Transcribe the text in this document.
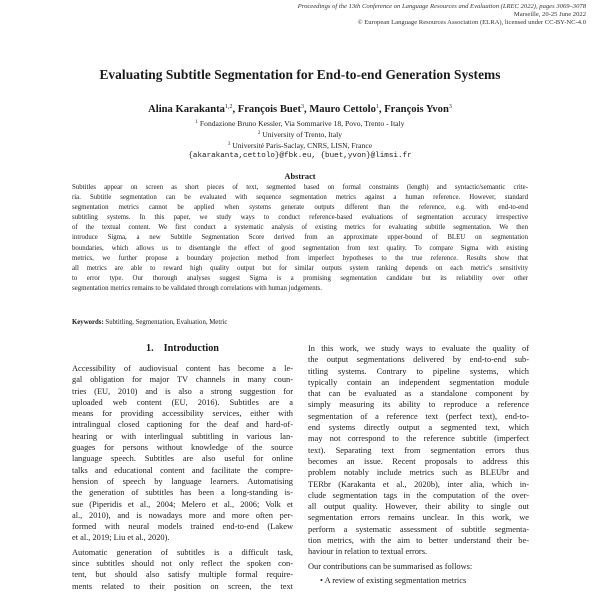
Proceedings of the 13th Conference on Language Resources and Evaluation (LREC 2022), pages 3069–3078
Marseille, 20-25 June 2022
© European Language Resources Association (ELRA), licensed under CC-BY-NC-4.0
Evaluating Subtitle Segmentation for End-to-end Generation Systems
Alina Karakanta$^{1,2}$, François Buet$^3$, Mauro Cettolo$^1$, François Yvon$^3$
$^1$ Fondazione Bruno Kessler, Via Sommarive 18, Povo, Trento - Italy
$^2$ University of Trento, Italy
$^3$ Université Paris-Saclay, CNRS, LISN, France
{akarakanta,cettolo}@fbk.eu, {buet,yvon}@limsi.fr
Abstract
Subtitles appear on screen as short pieces of text, segmented based on formal constraints (length) and syntactic/semantic crite-
ria. Subtitle segmentation can be evaluated with sequence segmentation metrics against a human reference. However, standard
segmentation metrics cannot be applied when systems generate outputs different than the reference, e.g. with end-to-end
subtitling systems. In this paper, we study ways to conduct reference-based evaluations of segmentation accuracy irrespective
of the textual content. We first conduct a systematic analysis of existing metrics for evaluating subtitle segmentation. We then
introduce Sigma, a new Subtitle Segmentation Score derived from an approximate upper-bound of BLEU on segmentation
boundaries, which allows us to disentangle the effect of good segmentation from text quality. To compare Sigma with existing
metrics, we further propose a boundary projection method from imperfect hypotheses to the true reference. Results show that
all metrics are able to reward high quality output but for similar outputs system ranking depends on each metric's sensitivity
to error type. Our thorough analyses suggest Sigma is a promising segmentation candidate but its reliability over other
segmentation metrics remains to be validated through correlations with human judgements.
Keywords: Subtitling, Segmentation, Evaluation, Metric
1. Introduction
Accessibility of audiovisual content has become a le-
gal obligation for major TV channels in many coun-
tries (EU, 2010) and is also a strong suggestion for
uploaded web content (EU, 2016). Subtitles are a
means for providing accessibility services, either with
intralingual closed captioning for the deaf and hard-of-
hearing or with interlingual subtitling in various lan-
guages for persons without knowledge of the source
language speech. Subtitles are also useful for online
talks and educational content and facilitate the compre-
hension of speech by language learners. Automatising
the generation of subtitles has been a long-standing is-
sue (Piperidis et al., 2004; Melero et al., 2006; Volk et
al., 2010), and is nowadays more and more often per-
formed with neural models trained end-to-end (Lakew
et al., 2019; Liu et al., 2020).
Automatic generation of subtitles is a difficult task,
since subtitles should not only reflect the spoken con-
tent, but should also satisfy multiple formal require-
ments related to their position on screen, the text
In this work, we study ways to evaluate the quality of
the output segmentations delivered by end-to-end sub-
titling systems. Contrary to pipeline systems, which
typically contain an independent segmentation module
that can be evaluated as a standalone component by
simply measuring its ability to reproduce a reference
segmentation of a reference text (perfect text), end-to-
end systems directly output a segmented text, which
may not correspond to the reference subtitle (imperfect
text). Separating text from segmentation errors thus
becomes an issue. Recent proposals to address this
problem notably include metrics such as BLEUbr and
TERbr (Karakanta et al., 2020b), inter alia, which in-
clude segmentation tags in the computation of the over-
all output quality. However, their ability to single out
segmentation errors remains unclear. In this work, we
perform a systematic assessment of subtitle segmenta-
tion metrics, with the aim to better understand their be-
haviour in relation to textual errors.
Our contributions can be summarised as follows:
• A review of existing segmentation metrics
